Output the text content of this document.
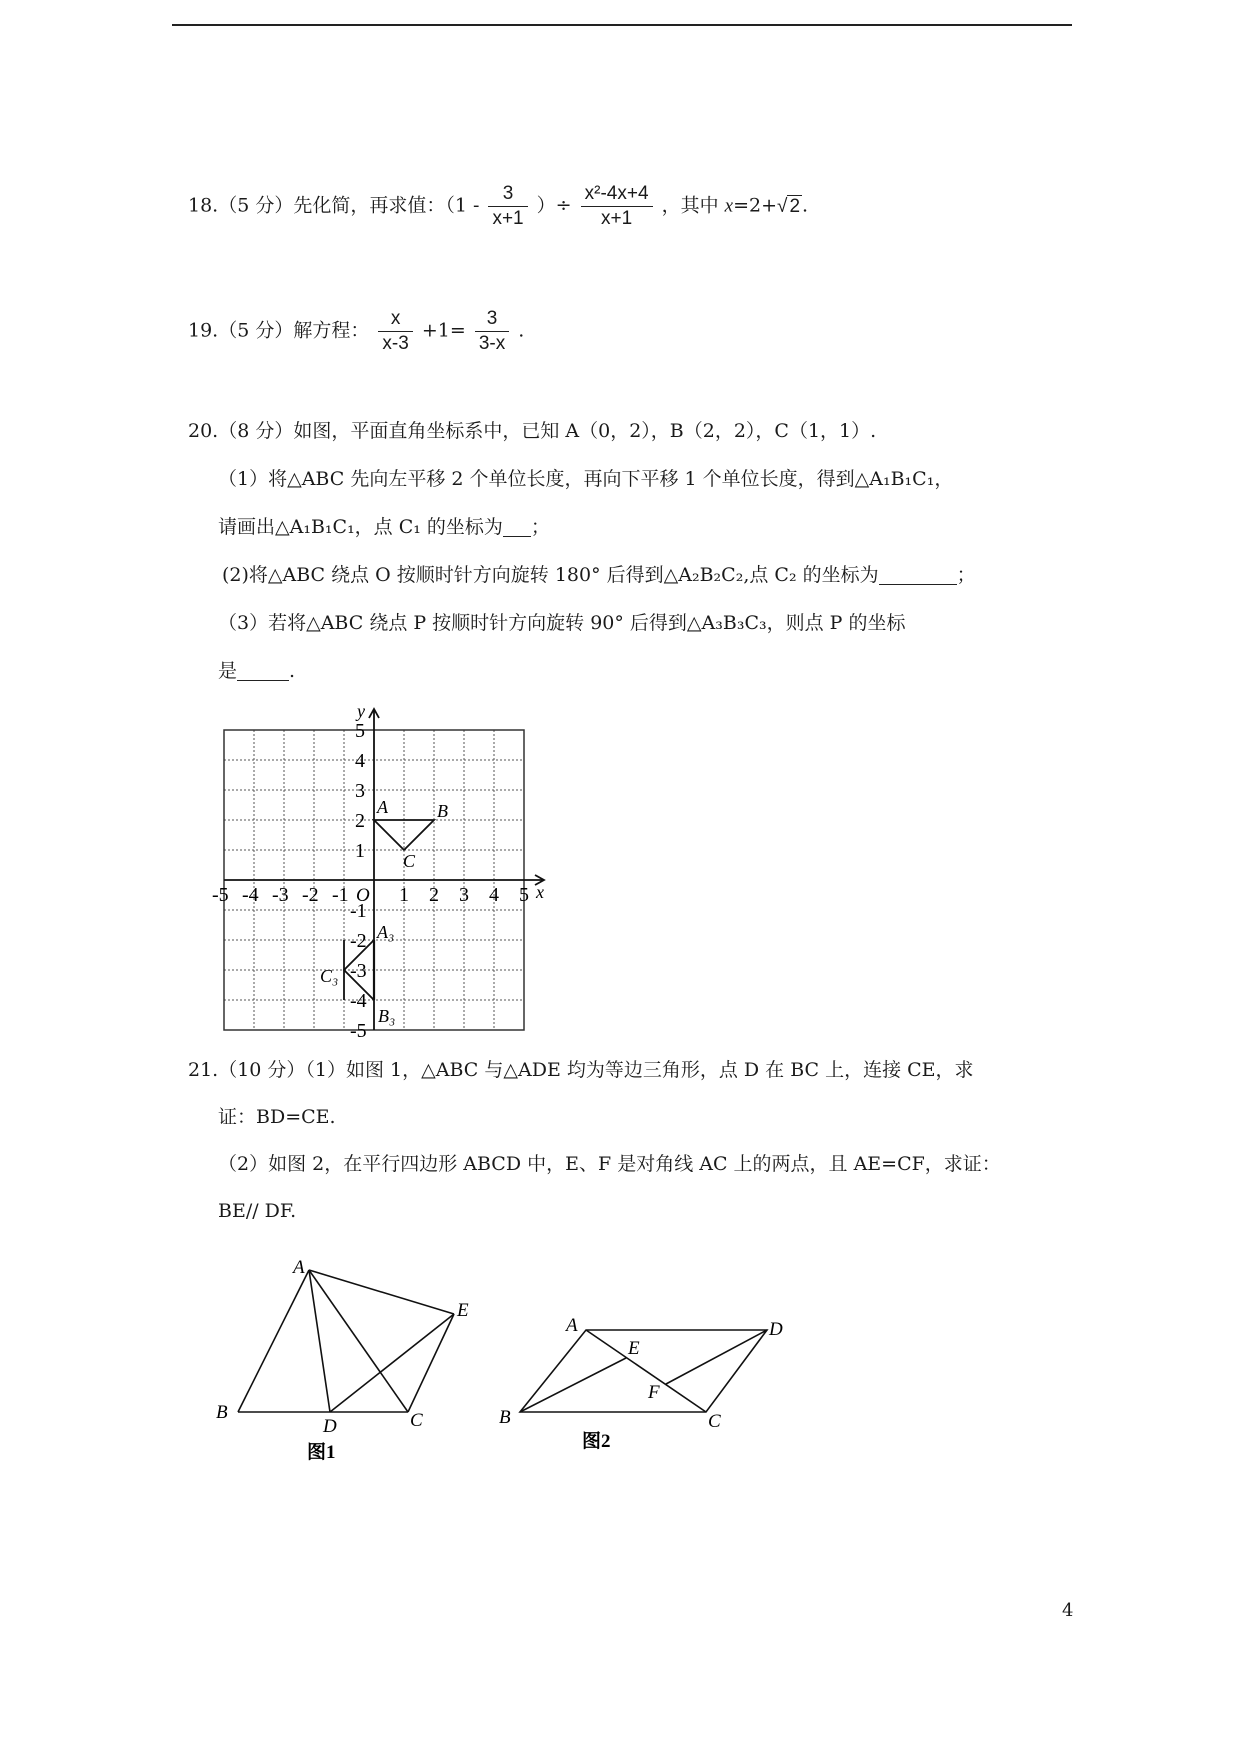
18.（5 分）先化简，再求值：（$1 - \frac{3}{x+1}$ ）÷ $\frac{\text{x²-4x+4}}{x+1}$ ，其中 x=2+√ 2 .
19.（5 分）解方程： $\frac{x}{x-3} +1= \frac{3}{3-x}$ .
20.（8 分）如图，平面直角坐标系中，已知 A（0，2），B（2，2），C（1，1）.
（1）将△ABC 先向左平移 2 个单位长度，再向下平移 1 个单位长度，得到△A₁B₁C₁，
请画出△A₁B₁C₁，点 C₁ 的坐标为 ；
(2)将△ABC 绕点 O 按顺时针方向旋转 180° 后得到△A₂B₂C₂,点 C₂ 的坐标为	；
（3）若将△ABC 绕点 P 按顺时针方向旋转 90° 后得到△A₃B₃C₃，则点 P 的坐标
是	.
x
y
O
-5 -4 -3 -2 -1	1 2 3 4 5
5
4
3
2
1
-1
-2
-3
-4
-5
A	B
C
A₃
C₃
B₃
21.（10 分）（1）如图 1，△ABC 与△ADE 均为等边三角形，点 D 在 BC 上，连接 CE，求
证：BD=CE.
（2）如图 2，在平行四边形 ABCD 中，E、F 是对角线 AC 上的两点，且 AE=CF，求证：
BE// DF.
A
B	C
D
E
图1
A
B	C
D
E
F
图2
4
